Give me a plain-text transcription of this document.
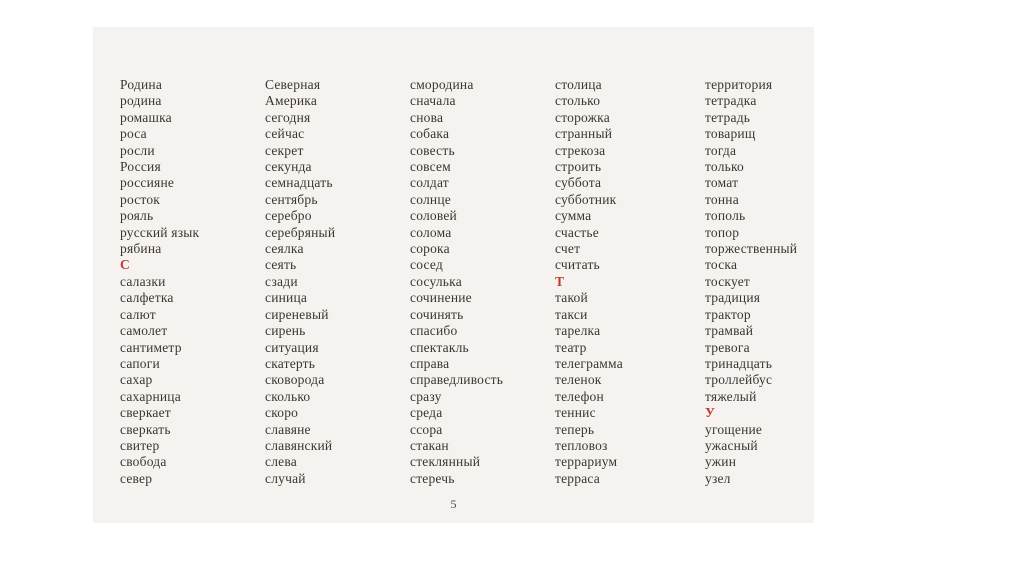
Родина
родина
ромашка
роса
росли
Россия
россияне
росток
рояль
русский язык
рябина
С
салазки
салфетка
салют
самолет
сантиметр
сапоги
сахар
сахарница
сверкает
сверкать
свитер
свобода
север
Северная
Америка
сегодня
сейчас
секрет
секунда
семнадцать
сентябрь
серебро
серебряный
сеялка
сеять
сзади
синица
сиреневый
сирень
ситуация
скатерть
сковорода
сколько
скоро
славяне
славянский
слева
случай
смородина
сначала
снова
собака
совесть
совсем
солдат
солнце
соловей
солома
сорока
сосед
сосулька
сочинение
сочинять
спасибо
спектакль
справа
справедливость
сразу
среда
ссора
стакан
стеклянный
стеречь
столица
столько
сторожка
странный
стрекоза
строить
суббота
субботник
сумма
счастье
счет
считать
Т
такой
такси
тарелка
театр
телеграмма
теленок
телефон
теннис
теперь
тепловоз
террариум
терраса
территория
тетрадка
тетрадь
товарищ
тогда
только
томат
тонна
тополь
топор
торжественный
тоска
тоскует
традиция
трактор
трамвай
тревога
тринадцать
троллейбус
тяжелый
У
угощение
ужасный
ужин
узел
5
